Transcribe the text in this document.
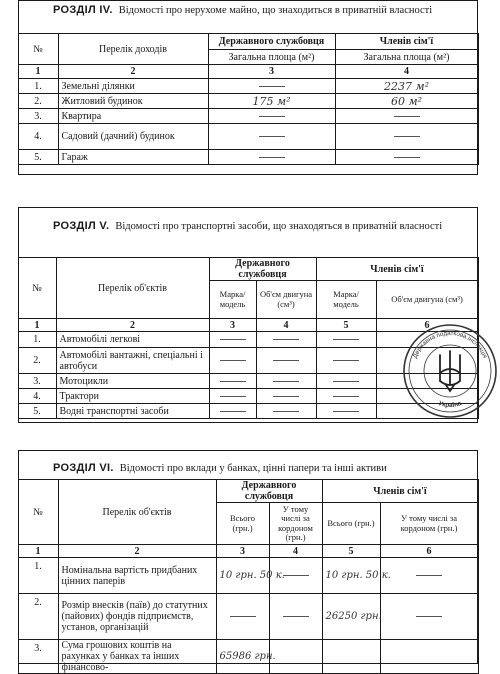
РОЗДІЛ IV. Відомості про нерухоме майно, що знаходиться в приватній власності
№	Перелік доходів	Державного службовця	Членів сім'ї
		Загальна площа (м²)	Загальна площа (м²)
1	2	3	4
1.	Земельні ділянки		2237 м²
2.	Житловий будинок	175 м²	60 м²
3.	Квартира	

4.	Садовий (дачний) будинок	

5.	Гараж	

РОЗДІЛ V. Відомості про транспортні засоби, що знаходяться в приватній власності
№	Перелік об'єктів	Державного службовця		Членів сім'ї	
		Марка/ модель	Об'єм двигуна (см³)	Марка/ модель	Об'єм двигуна (см³)
1	2	3	4	5	6
1.	Автомобілі легкові	

2.	Автомобілі вантажні, спеціальні і автобуси	

3.	Мотоцикли	

4.	Трактори	

5.	Водні транспортні засоби	

РОЗДІЛ VI. Відомості про вклади у банках, цінні папери та інші активи
№	Перелік об'єктів	Державного службовця		Членів сім'ї	
		Всього (грн.)	У тому числі за кордоном (грн.)	Всього (грн.)	У тому числі за кордоном (грн.)
1	2	3	4	5	6
1.	Номінальна вартість придбаних цінних паперів	10 грн. 50 к.		10 грн. 50 к.	

2.	Розмір внесків (паїв) до статутних (пайових) фондів підприємств, установ, організацій			26250 грн.	

3.	Сума грошових коштів на рахунках у банках та інших фінансово-	65986 грн.			
Державна податкова інспекція
Україна
